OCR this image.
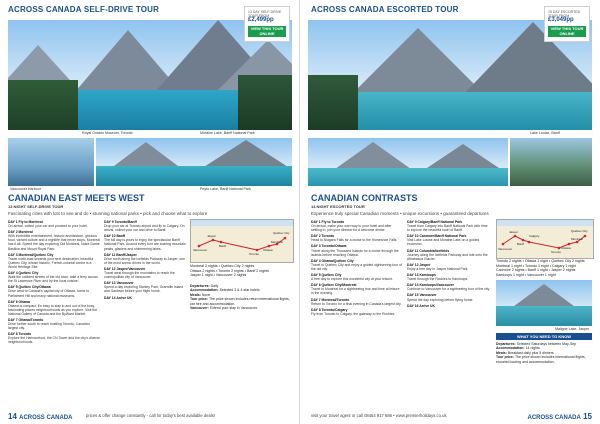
ACROSS CANADA SELF-DRIVE TOUR
Moraine Lake, Banff National Park
Royal Ontario Museum, Toronto
13 DAY SELF-DRIVE TOUR FROM
£2,499pp
VIEW THIS TOUR ONLINE
Vancouver Harbour	Peyto Lake, Banff National Park
CANADIAN EAST MEETS WEST
13 NIGHT SELF-DRIVE TOUR
Fascinating cities with lots to see and do • stunning national parks • pick and choose what to explore
DAY 1 Fly to Montreal
On arrival, collect your car and proceed to your hotel.
DAY 2 Montreal
With incredible entertainment, historic architecture, glorious food, vibrant culture and a nightlife that never stops, Montreal has it all. Spend the day exploring Old Montreal, Notre-Dame Basilica and Mount Royal Park.
DAY 3 Montreal/Québec City
Travel north-east towards your next destination, beautiful Québec City, whose historic, French-colonial centre is a World Heritage Site.
DAY 4 Québec City
Walk the cobbled streets of the old town, take a ferry across the St Lawrence River and try the local cuisine.
DAY 5 Québec City/Ottawa
Drive west to Canada's capital city of Ottawa, home to Parliament Hill and many national museums.
DAY 6 Ottawa
Ottawa is compact, it's easy to stay in and out of the busy, fascinating places neighbourhoods as you explore. Visit the National Gallery of Canada and the ByWard Market.
DAY 7 Ottawa/Toronto
Drive further south to reach bustling Toronto, Canada's largest city.
DAY 8 Toronto
Explore the Harbourfront, the CN Tower and the city's diverse neighbourhoods.
DAY 9 Toronto/Banff
Drop your car at Toronto airport and fly to Calgary. On arrival, collect your car and drive to Banff.
DAY 10 Banff
The full day is yours to enjoy the spectacular Banff National Park. Around every turn are soaring mountain peaks, glaciers and shimmering lakes.
DAY 11 Banff/Jasper
Drive north along the Icefields Parkway to Jasper, one of the most scenic drives in the world.
DAY 12 Jasper/Vancouver
Travel west through the mountains to reach the cosmopolitan city of Vancouver.
DAY 13 Vancouver
Spend a day exploring Stanley Park, Granville Island and Gastown before your flight home.
DAY 14 Arrive UK
Vancouver
Jasper
Banff
Toronto
Ottawa
Montreal
Québec City
Montreal 2 nights • Québec City 2 nights
Ottawa 2 nights • Toronto 2 nights • Banff 2 nights
Jasper 1 night • Vancouver 2 nights
Departures: Daily
Accommodation: Selected 3 & 4-star hotels
Meals: None
Tour price: The price shown includes return international flights, car hire and accommodation.
Vancouver: Extend your stay in Vancouver.
14 ACROSS CANADA	prices & offer change constantly - call for today's best available deals!
ACROSS CANADA ESCORTED TOUR
Lake Louise, Banff
15 DAY ESCORTED TOUR FROM
£3,049pp
VIEW THIS TOUR ONLINE
CANADIAN CONTRASTS
14 NIGHT ESCORTED TOUR
Experience truly special Canadian moments • unique excursions • guaranteed departures
DAY 1 Fly to Toronto
On arrival, make your own way to your hotel and after settling in, join your director for a welcome dinner.
DAY 2 Toronto
Head to Niagara Falls for a cruise to the Horseshoe Falls.
DAY 3 Toronto/Ottawa
Travel along the Thousand Islands for a cruise through the islands before reaching Ottawa.
DAY 4 Ottawa/Québec City
Travel to Québec City and enjoy a guided sightseeing tour of the old city.
DAY 5 Québec City
A free day to explore this wonderful city at your leisure.
DAY 6 Québec City/Montreal
Travel to Montreal for a sightseeing tour and time at leisure in the evening.
DAY 7 Montreal/Toronto
Return to Toronto for a final evening in Canada's largest city.
DAY 8 Toronto/Calgary
Fly from Toronto to Calgary, the gateway to the Rockies.
DAY 9 Calgary/Banff National Park
Travel from Calgary into Banff National Park with time to explore the beautiful town of Banff.
DAY 10 Canmore/Banff National Park
Visit Lake Louise and Moraine Lake on a guided excursion.
DAY 11 Columbia/Icefields
Journey along the Icefields Parkway and ride onto the Athabasca Glacier.
DAY 12 Jasper
Enjoy a free day in Jasper National Park.
DAY 13 Kamloops
Travel through the Rockies to Kamloops.
DAY 14 Kamloops/Vancouver
Continue to Vancouver for a sightseeing tour of the city.
DAY 15 Vancouver
Spend the day exploring before flying home.
DAY 16 Arrive UK
Vancouver
Jasper
Banff
Calgary
Toronto
Ottawa
Montreal
Québec City
Toronto 2 nights • Ottawa 1 night • Québec City 2 nights
Montreal 1 night • Toronto 1 night • Calgary 1 night
Canmore 2 nights • Banff 1 night • Jasper 2 nights
Kamloops 1 night • Vancouver 1 night
Maligne Lake, Jasper
WHAT YOU NEED TO KNOW
Departures: Selected Saturdays between May-Sep
Accommodation: 14 nights
Meals: Breakfast daily plus 5 dinners
Tour price: The price shown includes international flights, escorted touring and accommodation.
visit your travel agent or call 08454 917 686 • www.premierholidays.co.uk	ACROSS CANADA 15
